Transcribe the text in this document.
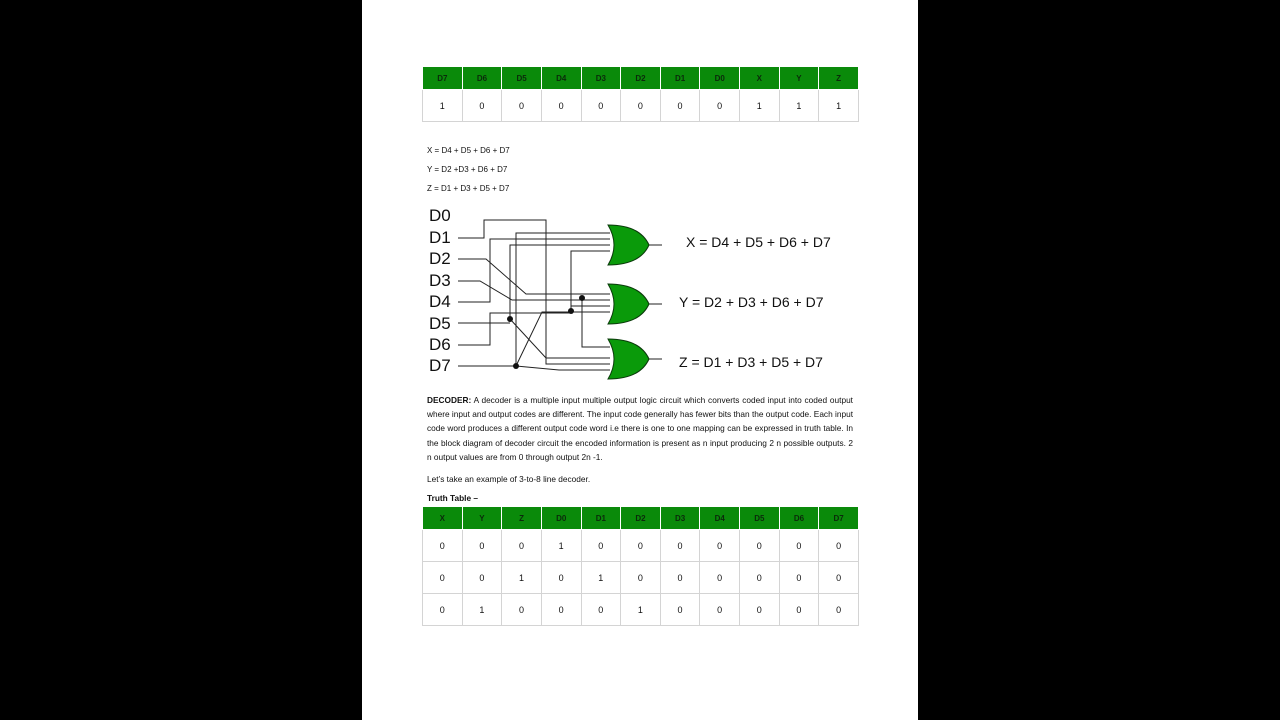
D7	D6	D5	D4	D3	D2	D1	D0	X	Y	Z
1	0	0	0	0	0	0	0	1	1	1
X = D4 + D5 + D6 + D7
Y = D2 +D3 + D6 + D7
Z = D1 + D3 + D5 + D7
D0
D1
D2
D3
D4
D5
D6
D7
X = D4 + D5 + D6 + D7
Y = D2 + D3 + D6 + D7
Z = D1 + D3 + D5 + D7
DECODER: A decoder is a multiple input multiple output logic circuit which converts coded input into coded output where input and output codes are different. The input code generally has fewer bits than the output code. Each input code word produces a different output code word i.e there is one to one mapping can be expressed in truth table. In the block diagram of decoder circuit the encoded information is present as n input producing 2 n possible outputs. 2 n output values are from 0 through output 2n -1.
Let’s take an example of 3-to-8 line decoder.
Truth Table –
X	Y	Z	D0	D1	D2	D3	D4	D5	D6	D7
0	0	0	1	0	0	0	0	0	0	0
0	0	1	0	1	0	0	0	0	0	0
0	1	0	0	0	1	0	0	0	0	0
